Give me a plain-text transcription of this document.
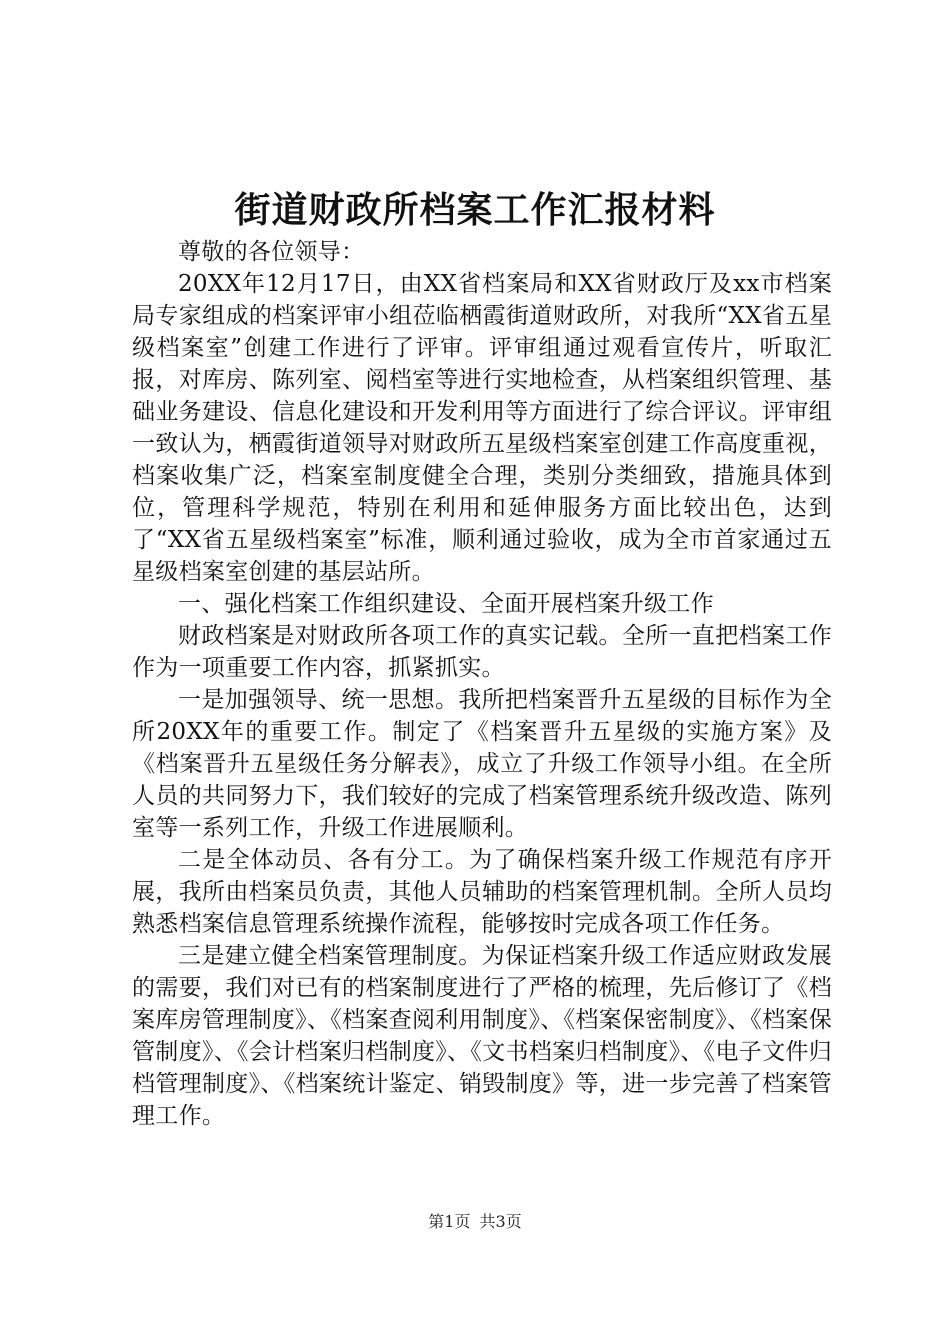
街道财政所档案工作汇报材料

尊敬的各位领导：

20XX年12月17日，由XX省档案局和XX省财政厅及xx市档案局专家组成的档案评审小组莅临栖霞街道财政所，对我所“XX省五星级档案室”创建工作进行了评审。评审组通过观看宣传片，听取汇报，对库房、陈列室、阅档室等进行实地检查，从档案组织管理、基础业务建设、信息化建设和开发利用等方面进行了综合评议。评审组一致认为，栖霞街道领导对财政所五星级档案室创建工作高度重视，档案收集广泛，档案室制度健全合理，类别分类细致，措施具体到位，管理科学规范，特别在利用和延伸服务方面比较出色，达到了“XX省五星级档案室”标准，顺利通过验收，成为全市首家通过五星级档案室创建的基层站所。

一、强化档案工作组织建设、全面开展档案升级工作

财政档案是对财政所各项工作的真实记载。全所一直把档案工作作为一项重要工作内容，抓紧抓实。

一是加强领导、统一思想。我所把档案晋升五星级的目标作为全所20XX年的重要工作。制定了《档案晋升五星级的实施方案》及《档案晋升五星级任务分解表》，成立了升级工作领导小组。在全所人员的共同努力下，我们较好的完成了档案管理系统升级改造、陈列室等一系列工作，升级工作进展顺利。

二是全体动员、各有分工。为了确保档案升级工作规范有序开展，我所由档案员负责，其他人员辅助的档案管理机制。全所人员均熟悉档案信息管理系统操作流程，能够按时完成各项工作任务。

三是建立健全档案管理制度。为保证档案升级工作适应财政发展的需要，我们对已有的档案制度进行了严格的梳理，先后修订了《档案库房管理制度》、《档案查阅利用制度》、《档案保密制度》、《档案保管制度》、《会计档案归档制度》、《文书档案归档制度》、《电子文件归档管理制度》、《档案统计鉴定、销毁制度》等，进一步完善了档案管理工作。

第1页 共3页
